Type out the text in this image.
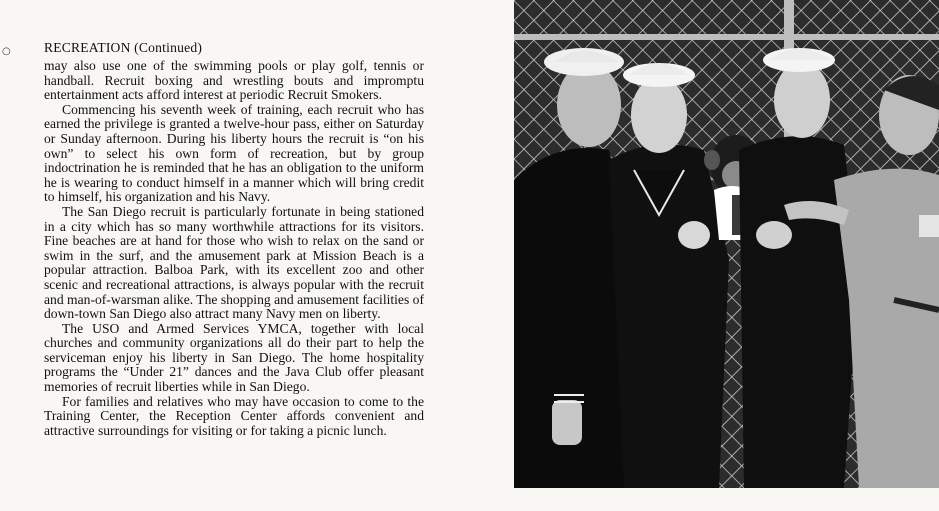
○ RECREATION (Continued)

may also use one of the swimming pools or play golf, tennis or handball. Recruit boxing and wrestling bouts and impromptu entertainment acts afford interest at periodic Recruit Smokers.

Commencing his seventh week of training, each recruit who has earned the privilege is granted a twelve-hour pass, either on Saturday or Sunday afternoon. During his liberty hours the recruit is “on his own” to select his own form of recreation, but by group indoctrination he is reminded that he has an obligation to the uniform he is wearing to conduct himself in a manner which will bring credit to himself, his organization and his Navy.

The San Diego recruit is particularly fortunate in being stationed in a city which has so many worthwhile attractions for its visitors. Fine beaches are at hand for those who wish to relax on the sand or swim in the surf, and the amusement park at Mission Beach is a popular attraction. Balboa Park, with its excellent zoo and other scenic and recreational attractions, is always popular with the recruit and man-of-warsman alike. The shopping and amusement facilities of down-town San Diego also attract many Navy men on liberty.

The USO and Armed Services YMCA, together with local churches and community organizations all do their part to help the serviceman enjoy his liberty in San Diego. The home hospitality programs the “Under 21” dances and the Java Club offer pleasant memories of recruit liberties while in San Diego.

For families and relatives who may have occasion to come to the Training Center, the Reception Center affords convenient and attractive surroundings for visiting or for taking a picnic lunch.
